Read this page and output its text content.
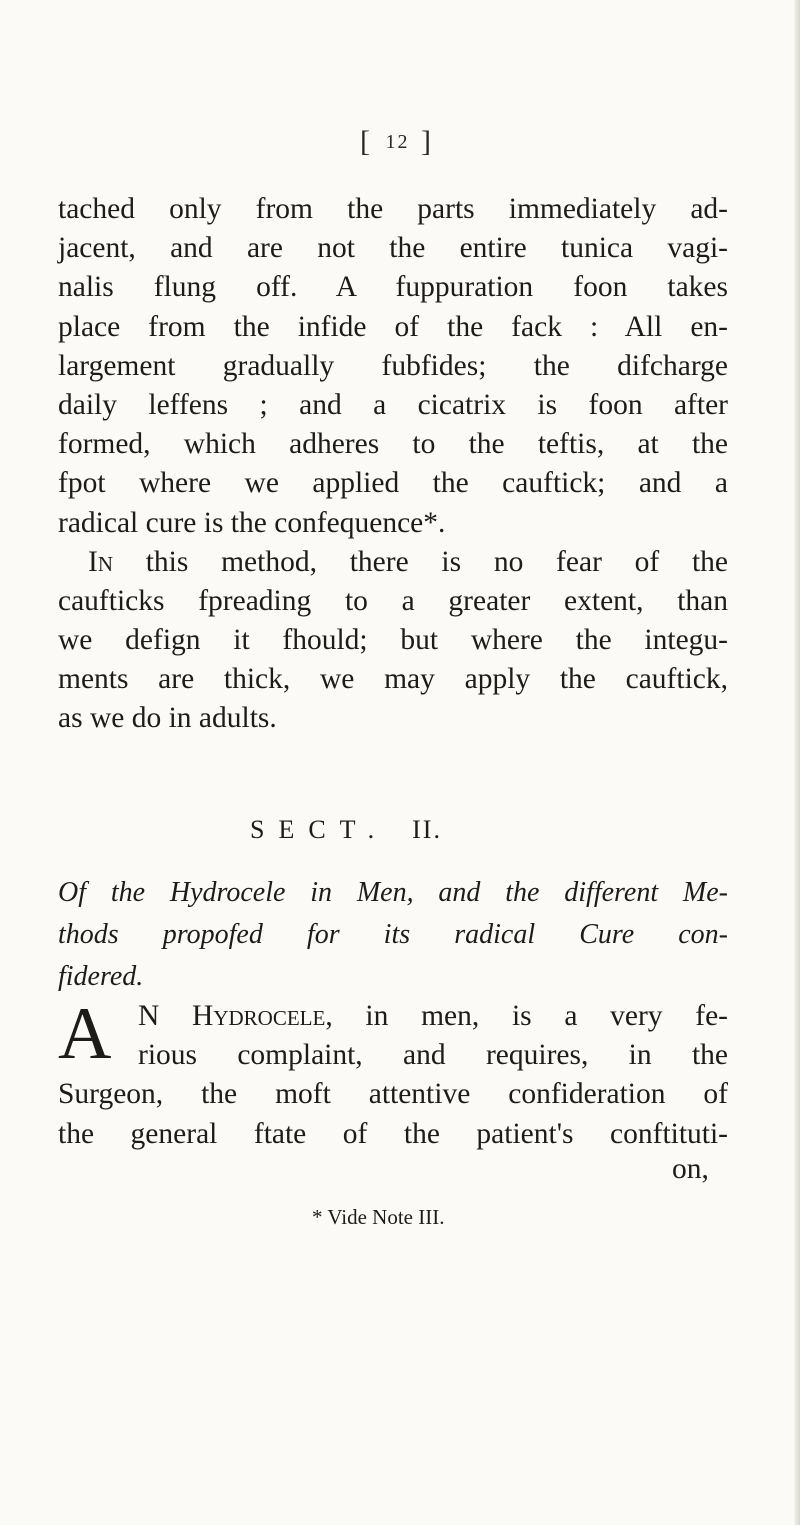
[ 12 ]
tached only from the parts immediately ad-
jacent, and are not the entire tunica vagi-
nalis flung off. A fuppuration foon takes
place from the infide of the fack : All en-
largement gradually fubfides; the difcharge
daily leffens ; and a cicatrix is foon after
formed, which adheres to the teftis, at the
fpot where we applied the cauftick; and a
radical cure is the confequence*.
In this method, there is no fear of the
caufticks fpreading to a greater extent, than
we defign it fhould; but where the integu-
ments are thick, we may apply the cauftick,
as we do in adults.
SECT. II.
Of the Hydrocele in Men, and the different Me-
thods propofed for its radical Cure con-
fidered.
A N Hydrocele, in men, is a very fe-
rious complaint, and requires, in the
Surgeon, the moft attentive confideration of
the general ftate of the patient's conftituti-
on,
* Vide Note III.
